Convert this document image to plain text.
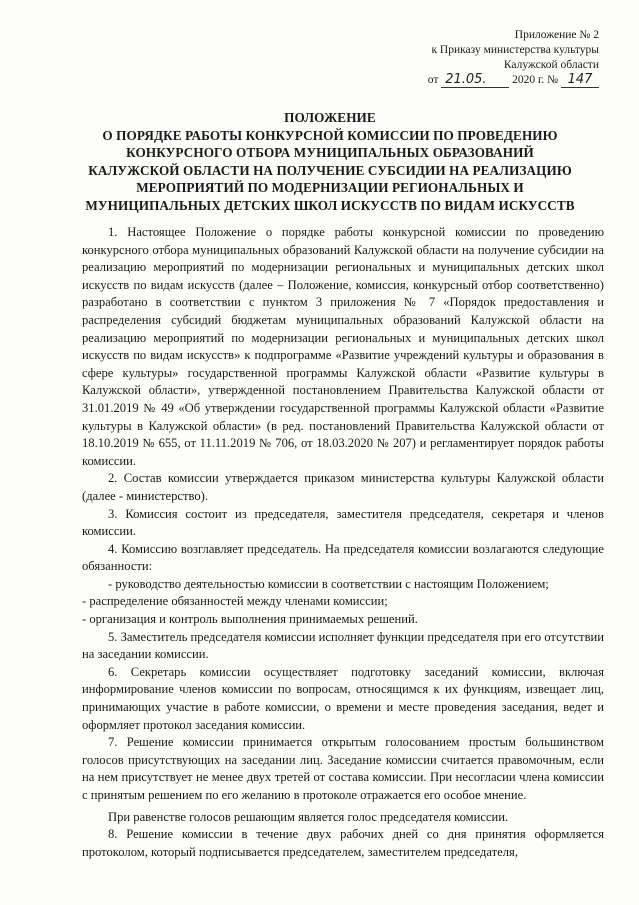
Приложение № 2
к Приказу министерства культуры
Калужской области
от 21.05. 2020 г. № 147
ПОЛОЖЕНИЕ
О ПОРЯДКЕ РАБОТЫ КОНКУРСНОЙ КОМИССИИ ПО ПРОВЕДЕНИЮ
КОНКУРСНОГО ОТБОРА МУНИЦИПАЛЬНЫХ ОБРАЗОВАНИЙ
КАЛУЖСКОЙ ОБЛАСТИ НА ПОЛУЧЕНИЕ СУБСИДИИ НА РЕАЛИЗАЦИЮ
МЕРОПРИЯТИЙ ПО МОДЕРНИЗАЦИИ РЕГИОНАЛЬНЫХ И
МУНИЦИПАЛЬНЫХ ДЕТСКИХ ШКОЛ ИСКУССТВ ПО ВИДАМ ИСКУССТВ

1. Настоящее Положение о порядке работы конкурсной комиссии по проведению конкурсного отбора муниципальных образований Калужской области на получение субсидии на реализацию мероприятий по модернизации региональных и муниципальных детских школ искусств по видам искусств (далее – Положение, комиссия, конкурсный отбор соответственно) разработано в соответствии с пунктом 3 приложения № 7 «Порядок предоставления и распределения субсидий бюджетам муниципальных образований Калужской области на реализацию мероприятий по модернизации региональных и муниципальных детских школ искусств по видам искусств» к подпрограмме «Развитие учреждений культуры и образования в сфере культуры» государственной программы Калужской области «Развитие культуры в Калужской области», утвержденной постановлением Правительства Калужской области от 31.01.2019 № 49 «Об утверждении государственной программы Калужской области «Развитие культуры в Калужской области» (в ред. постановлений Правительства Калужской области от 18.10.2019 № 655, от 11.11.2019 № 706, от 18.03.2020 № 207) и регламентирует порядок работы комиссии.

2. Состав комиссии утверждается приказом министерства культуры Калужской области (далее - министерство).

3. Комиссия состоит из председателя, заместителя председателя, секретаря и членов комиссии.

4. Комиссию возглавляет председатель. На председателя комиссии возлагаются следующие обязанности:

- руководство деятельностью комиссии в соответствии с настоящим Положением;

- распределение обязанностей между членами комиссии;

- организация и контроль выполнения принимаемых решений.

5. Заместитель председателя комиссии исполняет функции председателя при его отсутствии на заседании комиссии.

6. Секретарь комиссии осуществляет подготовку заседаний комиссии, включая информирование членов комиссии по вопросам, относящимся к их функциям, извещает лиц, принимающих участие в работе комиссии, о времени и месте проведения заседания, ведет и оформляет протокол заседания комиссии.

7. Решение комиссии принимается открытым голосованием простым большинством голосов присутствующих на заседании лиц. Заседание комиссии считается правомочным, если на нем присутствует не менее двух третей от состава комиссии. При несогласии члена комиссии с принятым решением по его желанию в протоколе отражается его особое мнение.

При равенстве голосов решающим является голос председателя комиссии.

8. Решение комиссии в течение двух рабочих дней со дня принятия оформляется протоколом, который подписывается председателем, заместителем председателя,
